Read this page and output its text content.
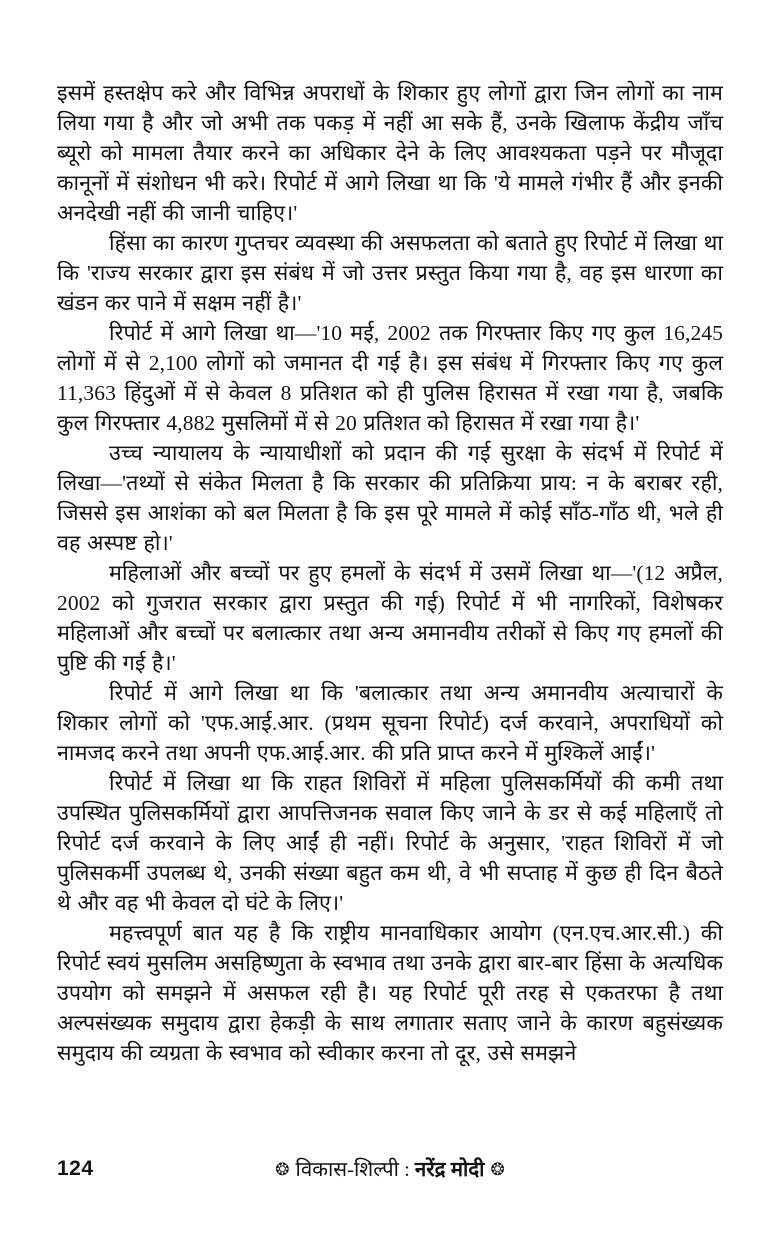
इसमें हस्तक्षेप करे और विभिन्न अपराधों के शिकार हुए लोगों द्वारा जिन लोगों का नाम लिया गया है और जो अभी तक पकड़ में नहीं आ सके हैं, उनके खिलाफ केंद्रीय जाँच ब्यूरो को मामला तैयार करने का अधिकार देने के लिए आवश्यकता पड़ने पर मौजूदा कानूनों में संशोधन भी करे। रिपोर्ट में आगे लिखा था कि 'ये मामले गंभीर हैं और इनकी अनदेखी नहीं की जानी चाहिए।'

हिंसा का कारण गुप्तचर व्यवस्था की असफलता को बताते हुए रिपोर्ट में लिखा था कि 'राज्य सरकार द्वारा इस संबंध में जो उत्तर प्रस्तुत किया गया है, वह इस धारणा का खंडन कर पाने में सक्षम नहीं है।'

रिपोर्ट में आगे लिखा था—'10 मई, 2002 तक गिरफ्तार किए गए कुल 16,245 लोगों में से 2,100 लोगों को जमानत दी गई है। इस संबंध में गिरफ्तार किए गए कुल 11,363 हिंदुओं में से केवल 8 प्रतिशत को ही पुलिस हिरासत में रखा गया है, जबकि कुल गिरफ्तार 4,882 मुसलिमों में से 20 प्रतिशत को हिरासत में रखा गया है।'

उच्च न्यायालय के न्यायाधीशों को प्रदान की गई सुरक्षा के संदर्भ में रिपोर्ट में लिखा—'तथ्यों से संकेत मिलता है कि सरकार की प्रतिक्रिया प्राय: न के बराबर रही, जिससे इस आशंका को बल मिलता है कि इस पूरे मामले में कोई साँठ-गाँठ थी, भले ही वह अस्पष्ट हो।'

महिलाओं और बच्चों पर हुए हमलों के संदर्भ में उसमें लिखा था—'(12 अप्रैल, 2002 को गुजरात सरकार द्वारा प्रस्तुत की गई) रिपोर्ट में भी नागरिकों, विशेषकर महिलाओं और बच्चों पर बलात्कार तथा अन्य अमानवीय तरीकों से किए गए हमलों की पुष्टि की गई है।'

रिपोर्ट में आगे लिखा था कि 'बलात्कार तथा अन्य अमानवीय अत्याचारों के शिकार लोगों को 'एफ.आई.आर. (प्रथम सूचना रिपोर्ट) दर्ज करवाने, अपराधियों को नामजद करने तथा अपनी एफ.आई.आर. की प्रति प्राप्त करने में मुश्किलें आईं।'

रिपोर्ट में लिखा था कि राहत शिविरों में महिला पुलिसकर्मियों की कमी तथा उपस्थित पुलिसकर्मियों द्वारा आपत्तिजनक सवाल किए जाने के डर से कई महिलाएँ तो रिपोर्ट दर्ज करवाने के लिए आईं ही नहीं। रिपोर्ट के अनुसार, 'राहत शिविरों में जो पुलिसकर्मी उपलब्ध थे, उनकी संख्या बहुत कम थी, वे भी सप्ताह में कुछ ही दिन बैठते थे और वह भी केवल दो घंटे के लिए।'

महत्त्वपूर्ण बात यह है कि राष्ट्रीय मानवाधिकार आयोग (एन.एच.आर.सी.) की रिपोर्ट स्वयं मुसलिम असहिष्णुता के स्वभाव तथा उनके द्वारा बार-बार हिंसा के अत्यधिक उपयोग को समझने में असफल रही है। यह रिपोर्ट पूरी तरह से एकतरफा है तथा अल्पसंख्यक समुदाय द्वारा हेकड़ी के साथ लगातार सताए जाने के कारण बहुसंख्यक समुदाय की व्यग्रता के स्वभाव को स्वीकार करना तो दूर, उसे समझने

124	❂ विकास-शिल्पी : नरेंद्र मोदी ❂
